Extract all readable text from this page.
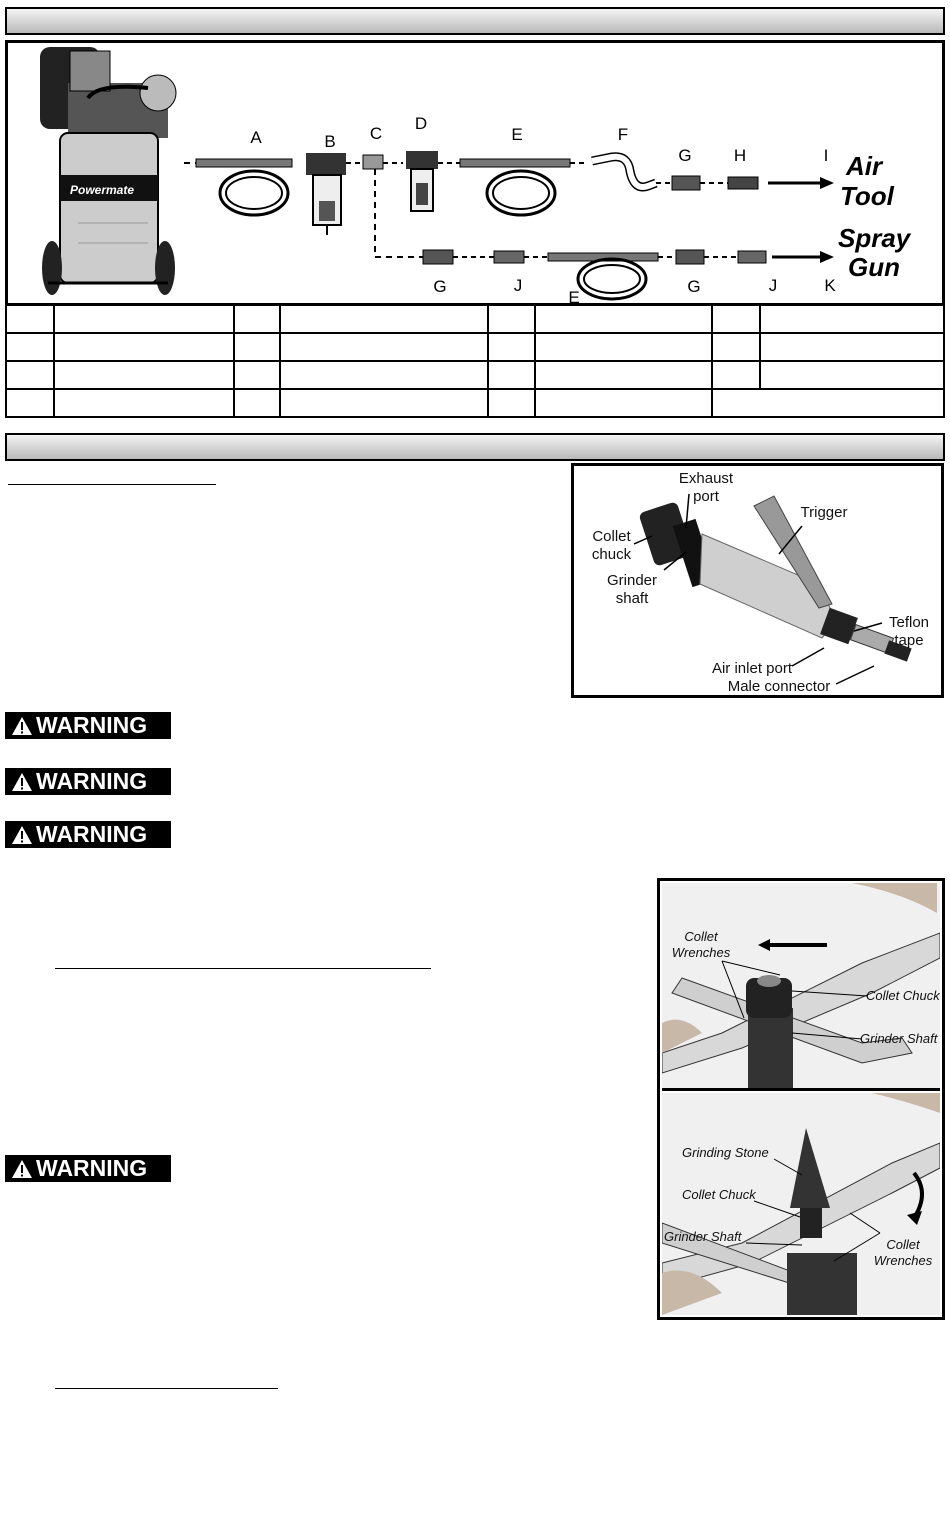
Powermate
A	B C
D
E	F
G H	I
G	J
E
G	J	K
Air
Tool
Spray
Gun

Exhaust
port
Trigger
Collet
chuck
Grinder
shaft
Teflon
tape
Air inlet port
Male connector
WARNING
WARNING
WARNING
WARNING
Collet
Wrenches
Collet Chuck
Grinder Shaft
Grinding Stone
Collet Chuck
Grinder Shaft
Collet
Wrenches
